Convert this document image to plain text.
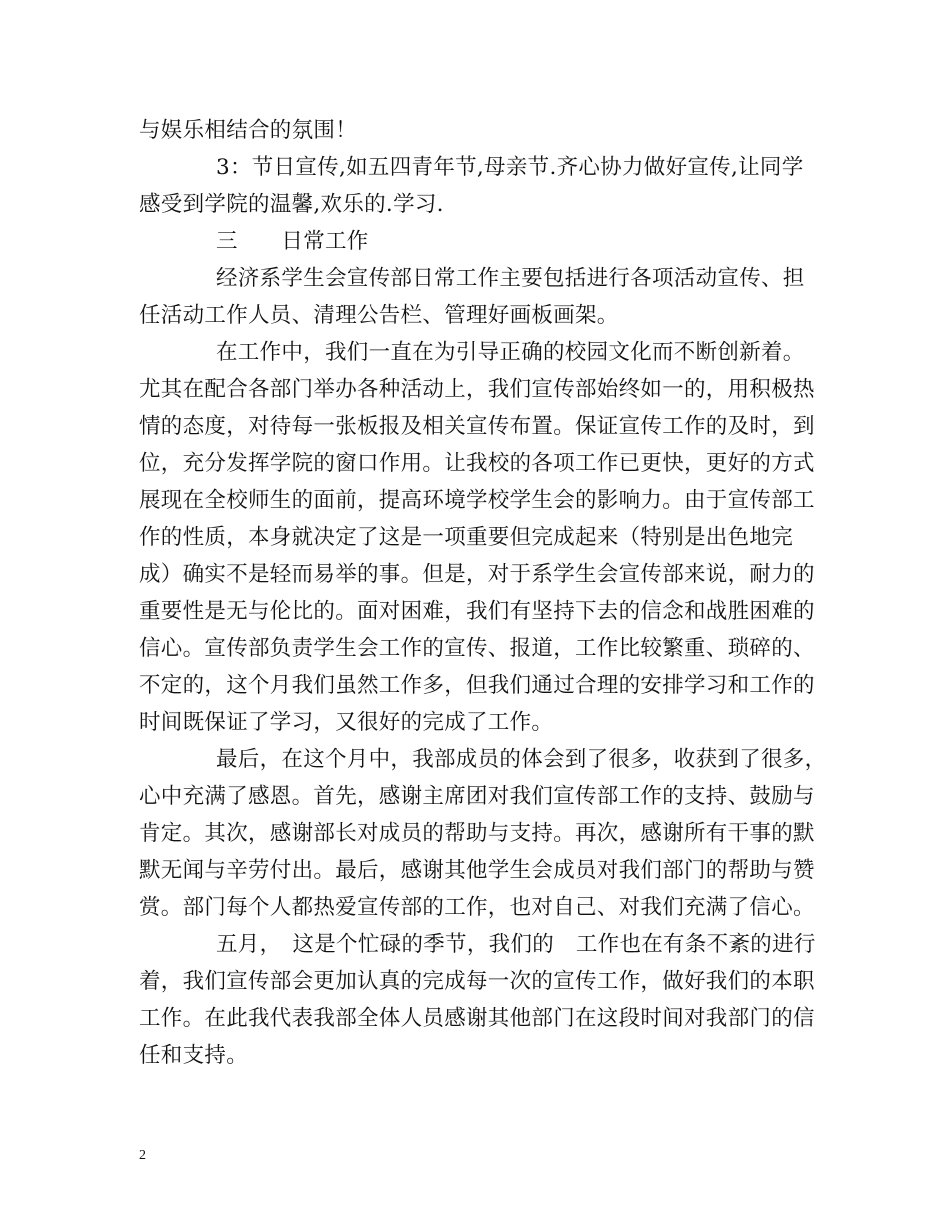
与娱乐相结合的氛围！
3：节日宣传,如五四青年节,母亲节.齐心协力做好宣传,让同学
感受到学院的温馨,欢乐的.学习.
三　　日常工作
经济系学生会宣传部日常工作主要包括进行各项活动宣传、担
任活动工作人员、清理公告栏、管理好画板画架。
在工作中，我们一直在为引导正确的校园文化而不断创新着。
尤其在配合各部门举办各种活动上，我们宣传部始终如一的，用积极热
情的态度，对待每一张板报及相关宣传布置。保证宣传工作的及时，到
位，充分发挥学院的窗口作用。让我校的各项工作已更快，更好的方式
展现在全校师生的面前，提高环境学校学生会的影响力。由于宣传部工
作的性质，本身就决定了这是一项重要但完成起来（特别是出色地完
成）确实不是轻而易举的事。但是，对于系学生会宣传部来说，耐力的
重要性是无与伦比的。面对困难，我们有坚持下去的信念和战胜困难的
信心。宣传部负责学生会工作的宣传、报道，工作比较繁重、琐碎的、
不定的，这个月我们虽然工作多，但我们通过合理的安排学习和工作的
时间既保证了学习，又很好的完成了工作。
最后，在这个月中，我部成员的体会到了很多，收获到了很多，
心中充满了感恩。首先，感谢主席团对我们宣传部工作的支持、鼓励与
肯定。其次，感谢部长对成员的帮助与支持。再次，感谢所有干事的默
默无闻与辛劳付出。最后，感谢其他学生会成员对我们部门的帮助与赞
赏。部门每个人都热爱宣传部的工作，也对自己、对我们充满了信心。
五月，　这是个忙碌的季节，我们的　工作也在有条不紊的进行
着，我们宣传部会更加认真的完成每一次的宣传工作，做好我们的本职
工作。在此我代表我部全体人员感谢其他部门在这段时间对我部门的信
任和支持。
2
